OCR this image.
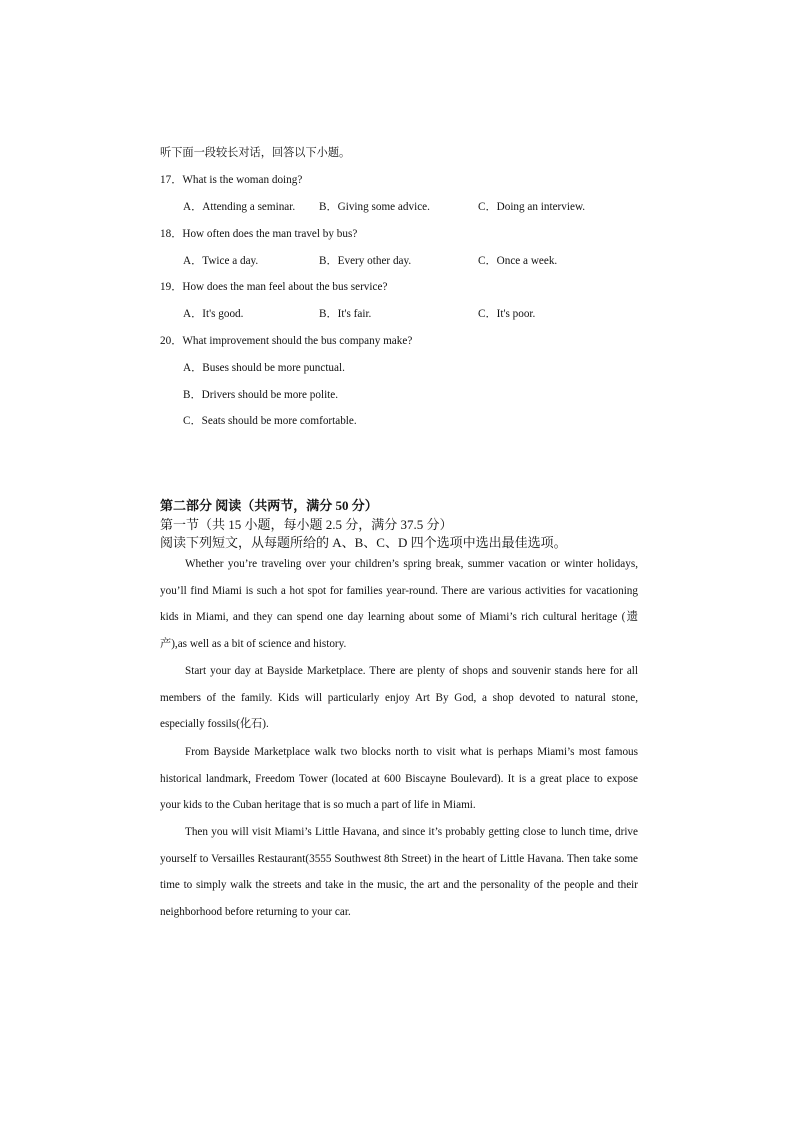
听下面一段较长对话，回答以下小题。
17．What is the woman doing?
A．Attending a seminar. B．Giving some advice.	C．Doing an interview.
18．How often does the man travel by bus?
A．Twice a day.	B．Every other day.	C．Once a week.
19．How does the man feel about the bus service?
A．It's good.	B．It's fair.	C．It's poor.
20．What improvement should the bus company make?
A．Buses should be more punctual.
B．Drivers should be more polite.
C．Seats should be more comfortable.
第二部分 阅读（共两节，满分 50 分）
第一节（共 15 小题，每小题 2.5 分，满分 37.5 分）
阅读下列短文，从每题所给的 A、B、C、D 四个选项中选出最佳选项。
Whether you’re traveling over your children’s spring break, summer vacation or winter holidays, you’ll find Miami is such a hot spot for families year-round. There are various activities for vacationing kids in Miami, and they can spend one day learning about some of Miami’s rich cultural heritage (遗产),as well as a bit of science and history.
Start your day at Bayside Marketplace. There are plenty of shops and souvenir stands here for all members of the family. Kids will particularly enjoy Art By God, a shop devoted to natural stone, especially fossils(化石).
From Bayside Marketplace walk two blocks north to visit what is perhaps Miami’s most famous historical landmark, Freedom Tower (located at 600 Biscayne Boulevard). It is a great place to expose your kids to the Cuban heritage that is so much a part of life in Miami.
Then you will visit Miami’s Little Havana, and since it’s probably getting close to lunch time, drive yourself to Versailles Restaurant(3555 Southwest 8th Street) in the heart of Little Havana. Then take some time to simply walk the streets and take in the music, the art and the personality of the people and their neighborhood before returning to your car.
